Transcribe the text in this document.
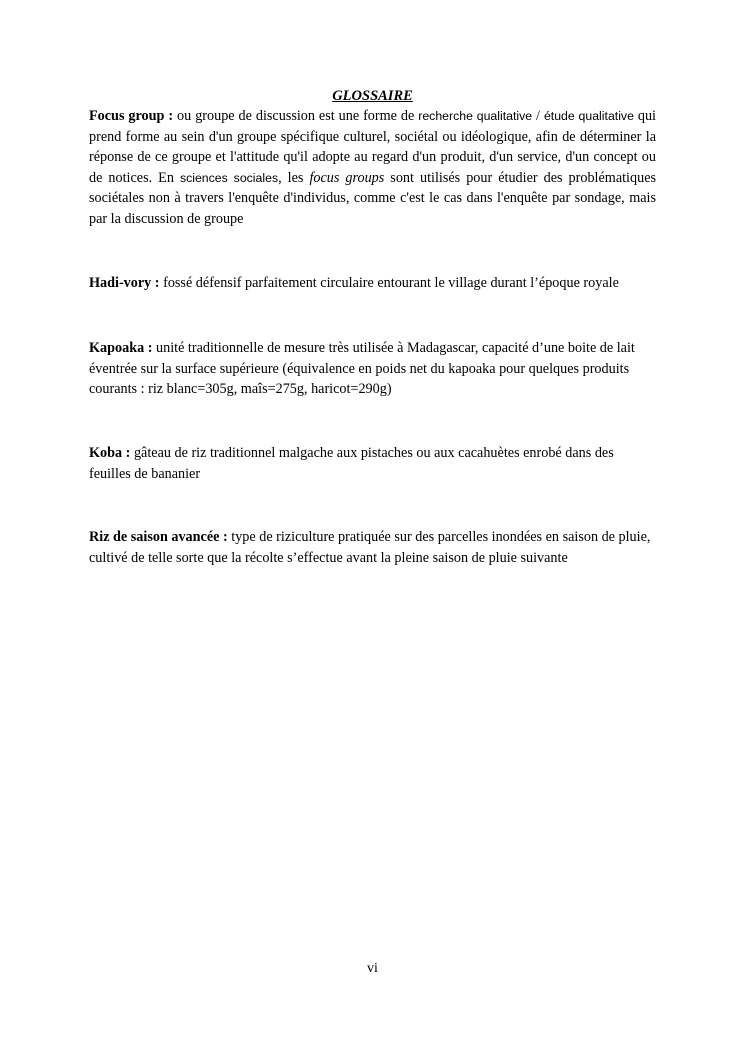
GLOSSAIRE

Focus group : ou groupe de discussion est une forme de recherche qualitative / étude qualitative qui prend forme au sein d'un groupe spécifique culturel, sociétal ou idéologique, afin de déterminer la réponse de ce groupe et l'attitude qu'il adopte au regard d'un produit, d'un service, d'un concept ou de notices. En sciences sociales, les focus groups sont utilisés pour étudier des problématiques sociétales non à travers l'enquête d'individus, comme c'est le cas dans l'enquête par sondage, mais par la discussion de groupe

Hadi-vory : fossé défensif parfaitement circulaire entourant le village durant l’époque royale

Kapoaka : unité traditionnelle de mesure très utilisée à Madagascar, capacité d’une boite de lait éventrée sur la surface supérieure (équivalence en poids net du kapoaka pour quelques produits courants : riz blanc=305g, maîs=275g, haricot=290g)

Koba : gâteau de riz traditionnel malgache aux pistaches ou aux cacahuètes enrobé dans des feuilles de bananier

Riz de saison avancée : type de riziculture pratiquée sur des parcelles inondées en saison de pluie, cultivé de telle sorte que la récolte s’effectue avant la pleine saison de pluie suivante

vi
